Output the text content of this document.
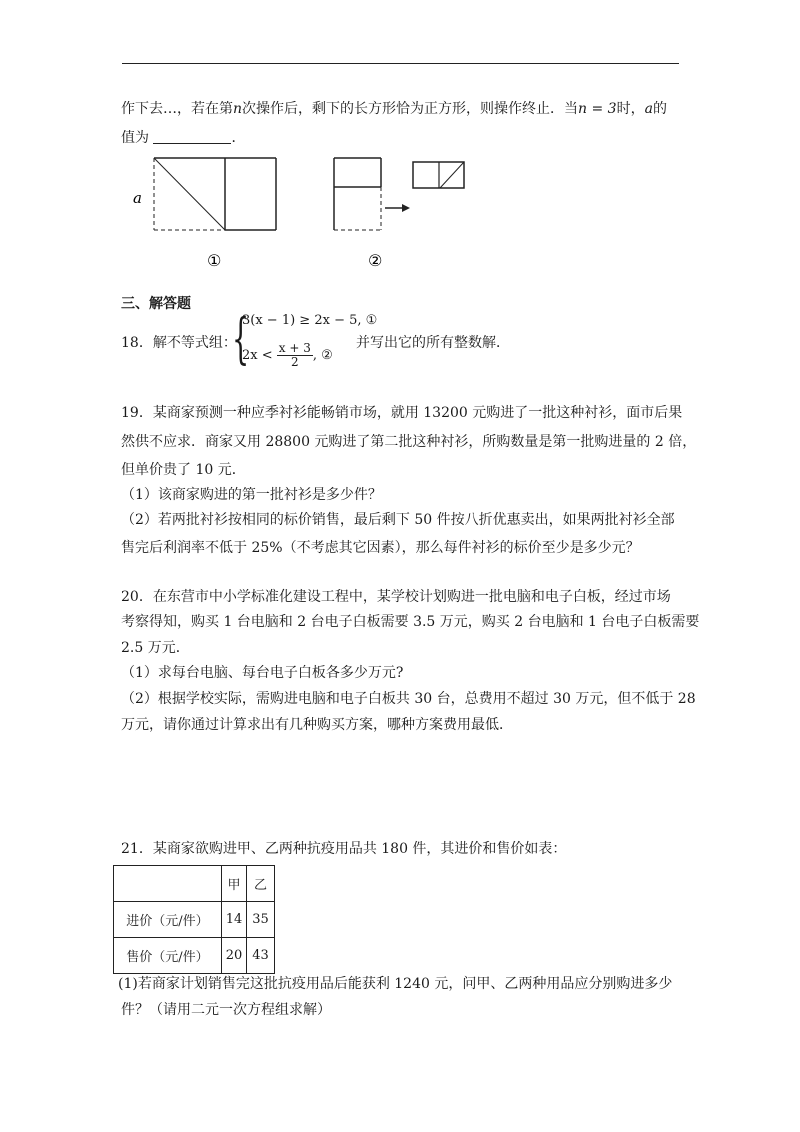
作下去…，若在第n次操作后，剩下的长方形恰为正方形，则操作终止．当n = 3时，a的
值为	．
a
①	②
三、解答题
18．解不等式组：
{
3(x − 1) ≥ 2x − 5, ①
$2x < \frac{x + 3}{2}$ , ②
并写出它的所有整数解．
19．某商家预测一种应季衬衫能畅销市场，就用 13200 元购进了一批这种衬衫，面市后果
然供不应求．商家又用 28800 元购进了第二批这种衬衫，所购数量是第一批购进量的 2 倍，
但单价贵了 10 元．
（1）该商家购进的第一批衬衫是多少件？
（2）若两批衬衫按相同的标价销售，最后剩下 50 件按八折优惠卖出，如果两批衬衫全部
售完后利润率不低于 25%（不考虑其它因素），那么每件衬衫的标价至少是多少元？
20．在东营市中小学标准化建设工程中，某学校计划购进一批电脑和电子白板，经过市场
考察得知，购买 1 台电脑和 2 台电子白板需要 3.5 万元，购买 2 台电脑和 1 台电子白板需要
2.5 万元．
（1）求每台电脑、每台电子白板各多少万元?
（2）根据学校实际，需购进电脑和电子白板共 30 台，总费用不超过 30 万元，但不低于 28
万元，请你通过计算求出有几种购买方案，哪种方案费用最低．
21．某商家欲购进甲、乙两种抗疫用品共 180 件，其进价和售价如表：
	甲	乙
进价（元/件）	14	35
售价（元/件）	20	43
(1)若商家计划销售完这批抗疫用品后能获利 1240 元，问甲、乙两种用品应分别购进多少
件？（请用二元一次方程组求解）
